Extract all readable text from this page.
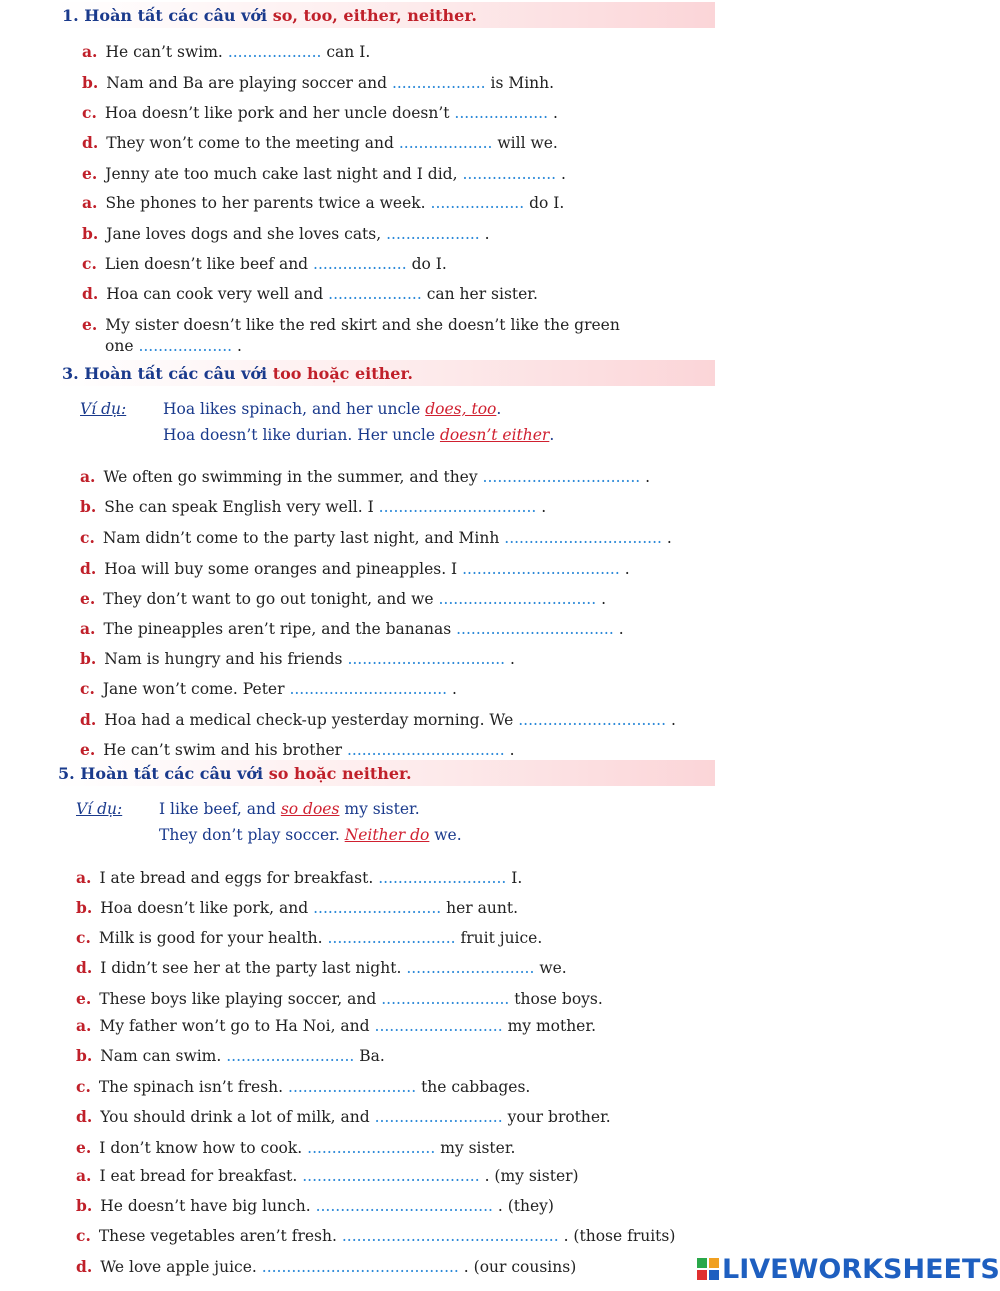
1. Hoàn tất các câu với so, too, either, neither.
a. He can’t swim. ................... can I.
b. Nam and Ba are playing soccer and ................... is Minh.
c. Hoa doesn’t like pork and her uncle doesn’t ................... .
d. They won’t come to the meeting and ................... will we.
e. Jenny ate too much cake last night and I did, ................... .
a. She phones to her parents twice a week. ................... do I.
b. Jane loves dogs and she loves cats, ................... .
c. Lien doesn’t like beef and ................... do I.
d. Hoa can cook very well and ................... can her sister.
e. My sister doesn’t like the red skirt and she doesn’t like the green
one ................... .
3. Hoàn tất các câu với too hoặc either.
Ví dụ: Hoa likes spinach, and her uncle does, too.
Hoa doesn’t like durian. Her uncle doesn’t either.
a. We often go swimming in the summer, and they ................................ .
b. She can speak English very well. I ................................ .
c. Nam didn’t come to the party last night, and Minh ................................ .
d. Hoa will buy some oranges and pineapples. I ................................ .
e. They don’t want to go out tonight, and we ................................ .
a. The pineapples aren’t ripe, and the bananas ................................ .
b. Nam is hungry and his friends ................................ .
c. Jane won’t come. Peter ................................ .
d. Hoa had a medical check-up yesterday morning. We .............................. .
e. He can’t swim and his brother ................................ .
5. Hoàn tất các câu với so hoặc neither.
Ví dụ: I like beef, and so does my sister.
They don’t play soccer. Neither do we.
a. I ate bread and eggs for breakfast. .......................... I.
b. Hoa doesn’t like pork, and .......................... her aunt.
c. Milk is good for your health. .......................... fruit juice.
d. I didn’t see her at the party last night. .......................... we.
e. These boys like playing soccer, and .......................... those boys.
a. My father won’t go to Ha Noi, and .......................... my mother.
b. Nam can swim. .......................... Ba.
c. The spinach isn’t fresh. .......................... the cabbages.
d. You should drink a lot of milk, and .......................... your brother.
e. I don’t know how to cook. .......................... my sister.
a. I eat bread for breakfast. .................................... . (my sister)
b. He doesn’t have big lunch. .................................... . (they)
c. These vegetables aren’t fresh. ............................................ . (those fruits)
d. We love apple juice. ........................................ . (our cousins)	LIVEWORKSHEETS
